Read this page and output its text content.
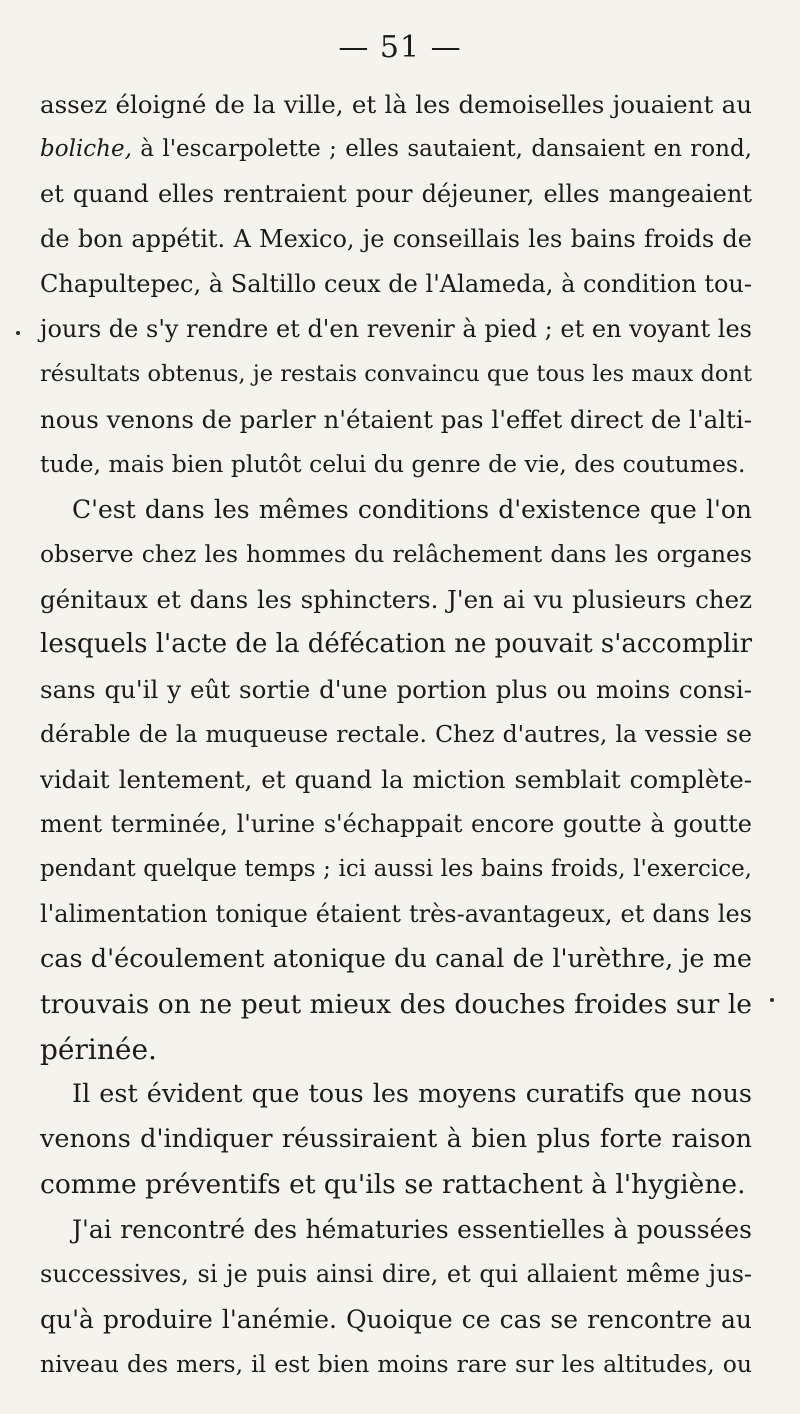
— 51 —
assez éloigné de la ville, et là les demoiselles jouaient au
boliche, à l'escarpolette ; elles sautaient, dansaient en rond,
et quand elles rentraient pour déjeuner, elles mangeaient
de bon appétit. A Mexico, je conseillais les bains froids de
Chapultepec, à Saltillo ceux de l'Alameda, à condition tou-
jours de s'y rendre et d'en revenir à pied ; et en voyant les
résultats obtenus, je restais convaincu que tous les maux dont
nous venons de parler n'étaient pas l'effet direct de l'alti-
tude, mais bien plutôt celui du genre de vie, des coutumes.
C'est dans les mêmes conditions d'existence que l'on
observe chez les hommes du relâchement dans les organes
génitaux et dans les sphincters. J'en ai vu plusieurs chez
lesquels l'acte de la défécation ne pouvait s'accomplir
sans qu'il y eût sortie d'une portion plus ou moins consi-
dérable de la muqueuse rectale. Chez d'autres, la vessie se
vidait lentement, et quand la miction semblait complète-
ment terminée, l'urine s'échappait encore goutte à goutte
pendant quelque temps ; ici aussi les bains froids, l'exercice,
l'alimentation tonique étaient très-avantageux, et dans les
cas d'écoulement atonique du canal de l'urèthre, je me
trouvais on ne peut mieux des douches froides sur le
périnée.
Il est évident que tous les moyens curatifs que nous
venons d'indiquer réussiraient à bien plus forte raison
comme préventifs et qu'ils se rattachent à l'hygiène.
J'ai rencontré des hématuries essentielles à poussées
successives, si je puis ainsi dire, et qui allaient même jus-
qu'à produire l'anémie. Quoique ce cas se rencontre au
niveau des mers, il est bien moins rare sur les altitudes, ou
